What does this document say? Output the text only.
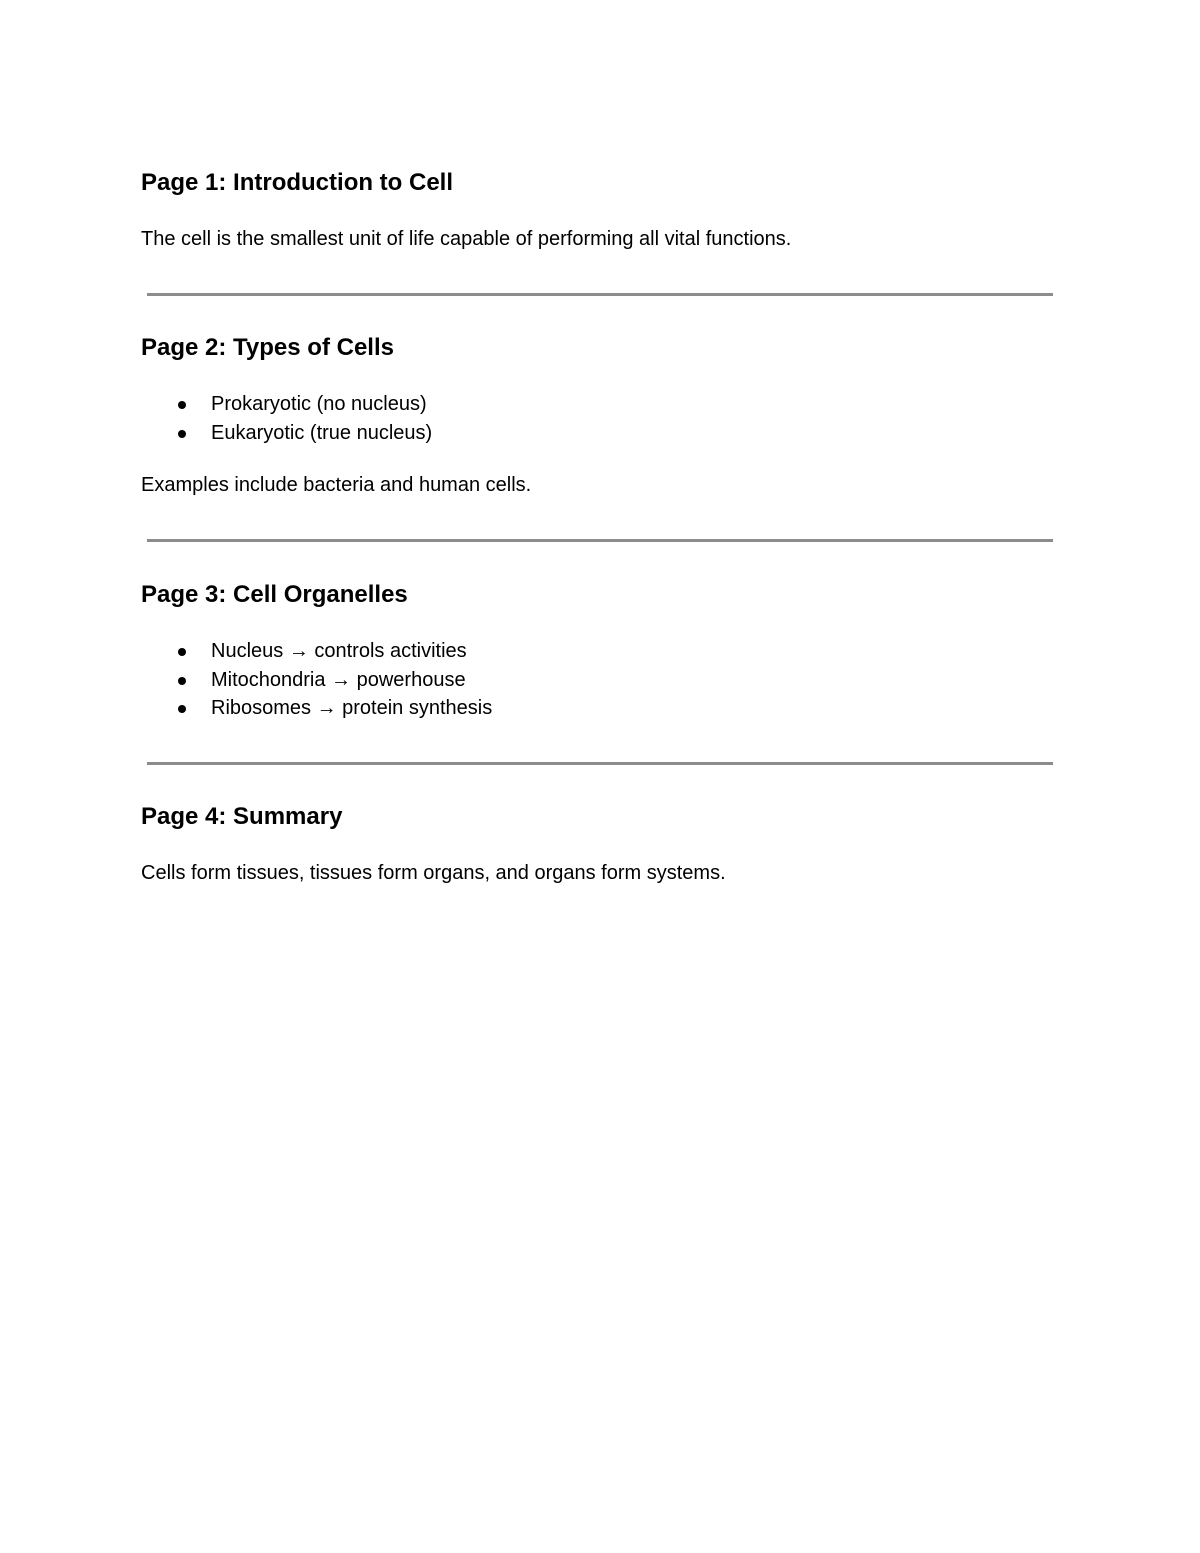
Page 1: Introduction to Cell

The cell is the smallest unit of life capable of performing all vital functions.

Page 2: Types of Cells
Prokaryotic (no nucleus)
Eukaryotic (true nucleus)

Examples include bacteria and human cells.

Page 3: Cell Organelles
Nucleus → controls activities
Mitochondria → powerhouse
Ribosomes → protein synthesis
Page 4: Summary

Cells form tissues, tissues form organs, and organs form systems.
